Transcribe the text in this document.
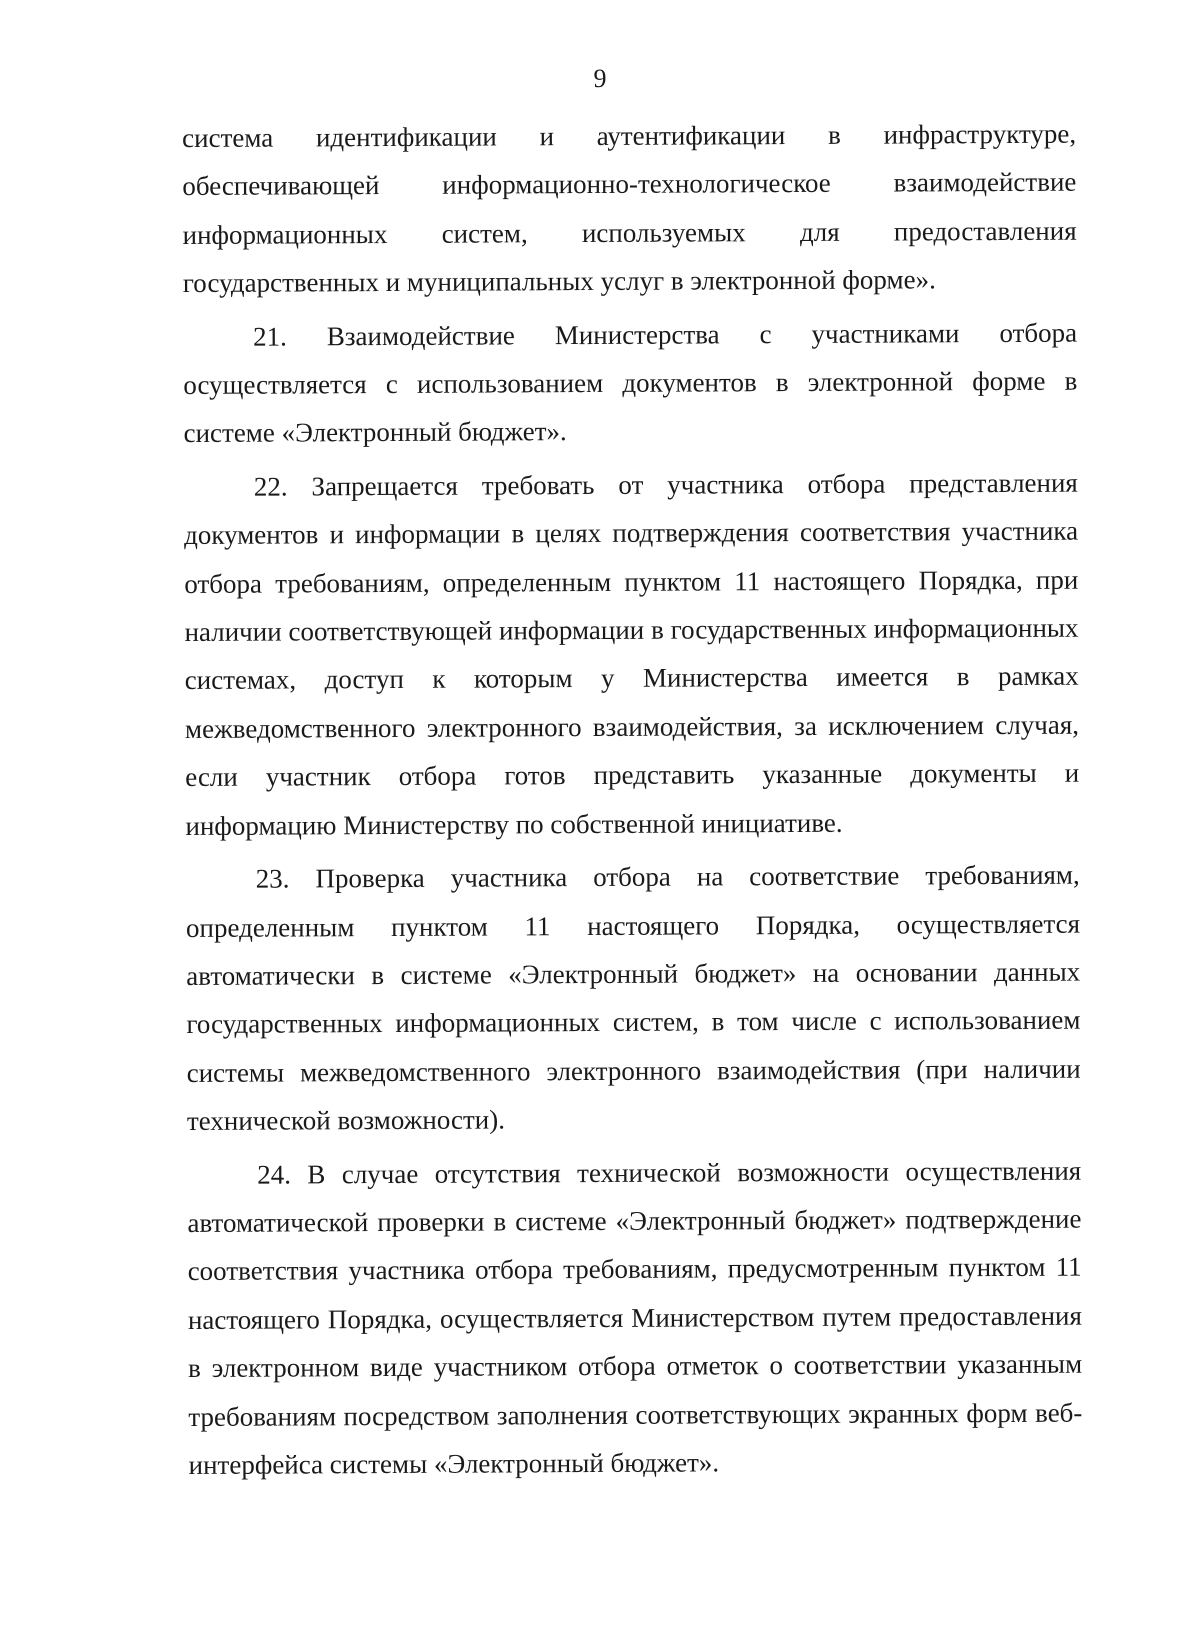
9

система идентификации и аутентификации в инфраструктуре, обеспечивающей информационно-технологическое взаимодействие информационных систем, используемых для предоставления государственных и муниципальных услуг в электронной форме».

21. Взаимодействие Министерства с участниками отбора осуществляется с использованием документов в электронной форме в системе «Электронный бюджет».

22. Запрещается требовать от участника отбора представления документов и информации в целях подтверждения соответствия участника отбора требованиям, определенным пунктом 11 настоящего Порядка, при наличии соответствующей информации в государственных информационных системах, доступ к которым у Министерства имеется в рамках межведомственного электронного взаимодействия, за исключением случая, если участник отбора готов представить указанные документы и информацию Министерству по собственной инициативе.

23. Проверка участника отбора на соответствие требованиям, определенным пунктом 11 настоящего Порядка, осуществляется автоматически в системе «Электронный бюджет» на основании данных государственных информационных систем, в том числе с использованием системы межведомственного электронного взаимодействия (при наличии технической возможности).

24. В случае отсутствия технической возможности осуществления автоматической проверки в системе «Электронный бюджет» подтверждение соответствия участника отбора требованиям, предусмотренным пунктом 11 настоящего Порядка, осуществляется Министерством путем предоставления в электронном виде участником отбора отметок о соответствии указанным требованиям посредством заполнения соответствующих экранных форм веб-интерфейса системы «Электронный бюджет».
